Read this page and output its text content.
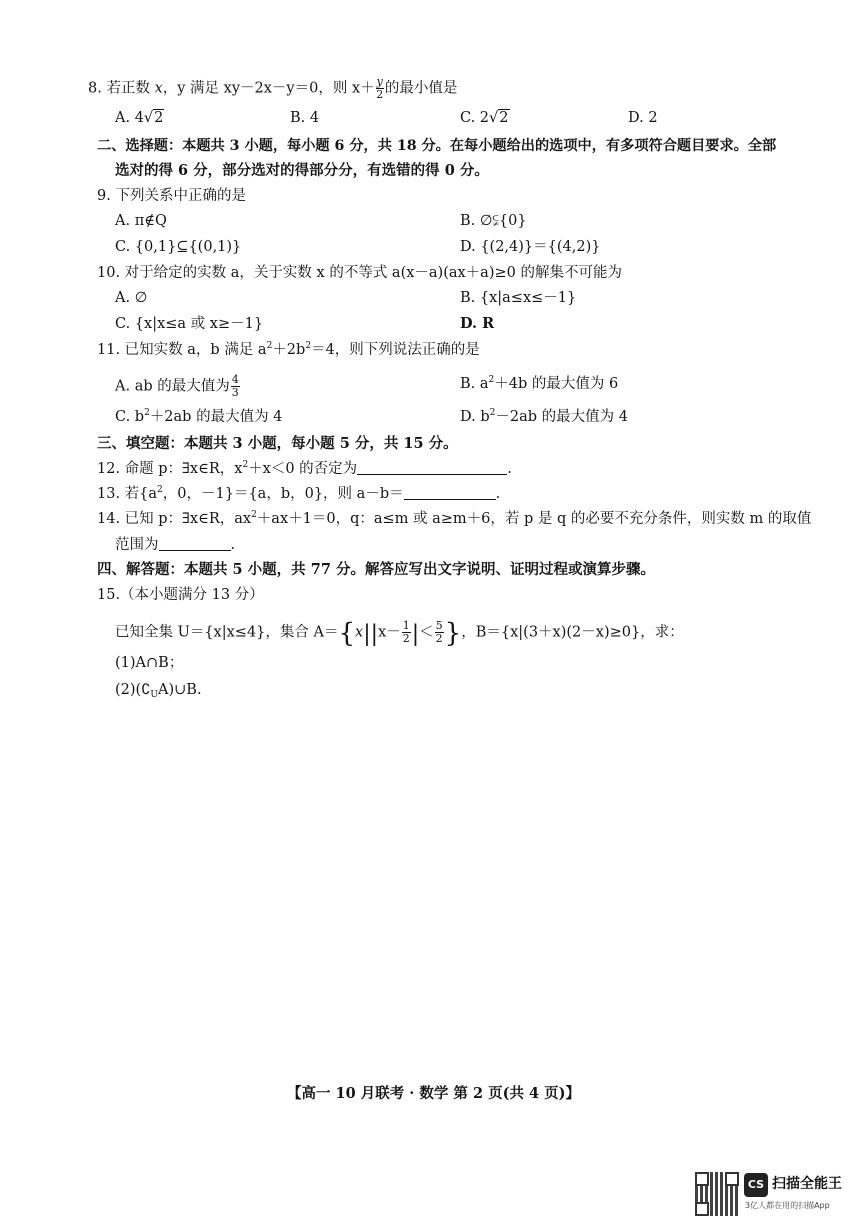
8. 若正数 x，y 满足 xy－2x－y＝0，则 $x+ \frac{y}{2}$ 的最小值是
A. 4√2	B. 4	C. 2√2	D. 2
二、选择题：本题共 3 小题，每小题 6 分，共 18 分。在每小题给出的选项中，有多项符合题目要求。全部
选对的得 6 分，部分选对的得部分分，有选错的得 0 分。
9. 下列关系中正确的是
A. π∉Q	B. ∅⫋{0}
C. {0,1}⊆{(0,1)}	D. {(2,4)}＝{(4,2)}
10. 对于给定的实数 a，关于实数 x 的不等式 a(x－a)(ax＋a)≥0 的解集不可能为
A. ∅	B. {x|a≤x≤－1}
C. {x|x≤a 或 x≥－1}	D. R
11. 已知实数 a，b 满足 $a^2+2b^2=4$，则下列说法正确的是
A. ab 的最大值为 $\frac{4}{3}$	B. $a^2+4b$ 的最大值为 6
C. $b^2+2ab$ 的最大值为 4	D. $b^2-2ab$ 的最大值为 4
三、填空题：本题共 3 小题，每小题 5 分，共 15 分。
12. 命题 p：∃x∈R，$x^2+x<0$ 的否定为	.
13. 若{$a^2$，0，－1}＝{a，b，0}，则 a－b＝	.
14. 已知 p：∃x∈R，$ax^2+ax+1=0$，q：a≤m 或 a≥m＋6，若 p 是 q 的必要不充分条件，则实数 m 的取值
范围为	.
四、解答题：本题共 5 小题，共 77 分。解答应写出文字说明、证明过程或演算步骤。
15.（本小题满分 13 分）
已知全集 U＝{x|x≤4}，集合 $A=\{x||x- \frac{1}{2}$ |＜ $\frac{5}{2}$ }，B＝{x|(3＋x)(2－x)≥0}，求：
(1)A∩B；
$(2)(∁_UA)\cup B$.
【高一 10 月联考 · 数学 第 2 页(共 4 页)】
CS 扫描全能王
3亿人都在用的扫描App
